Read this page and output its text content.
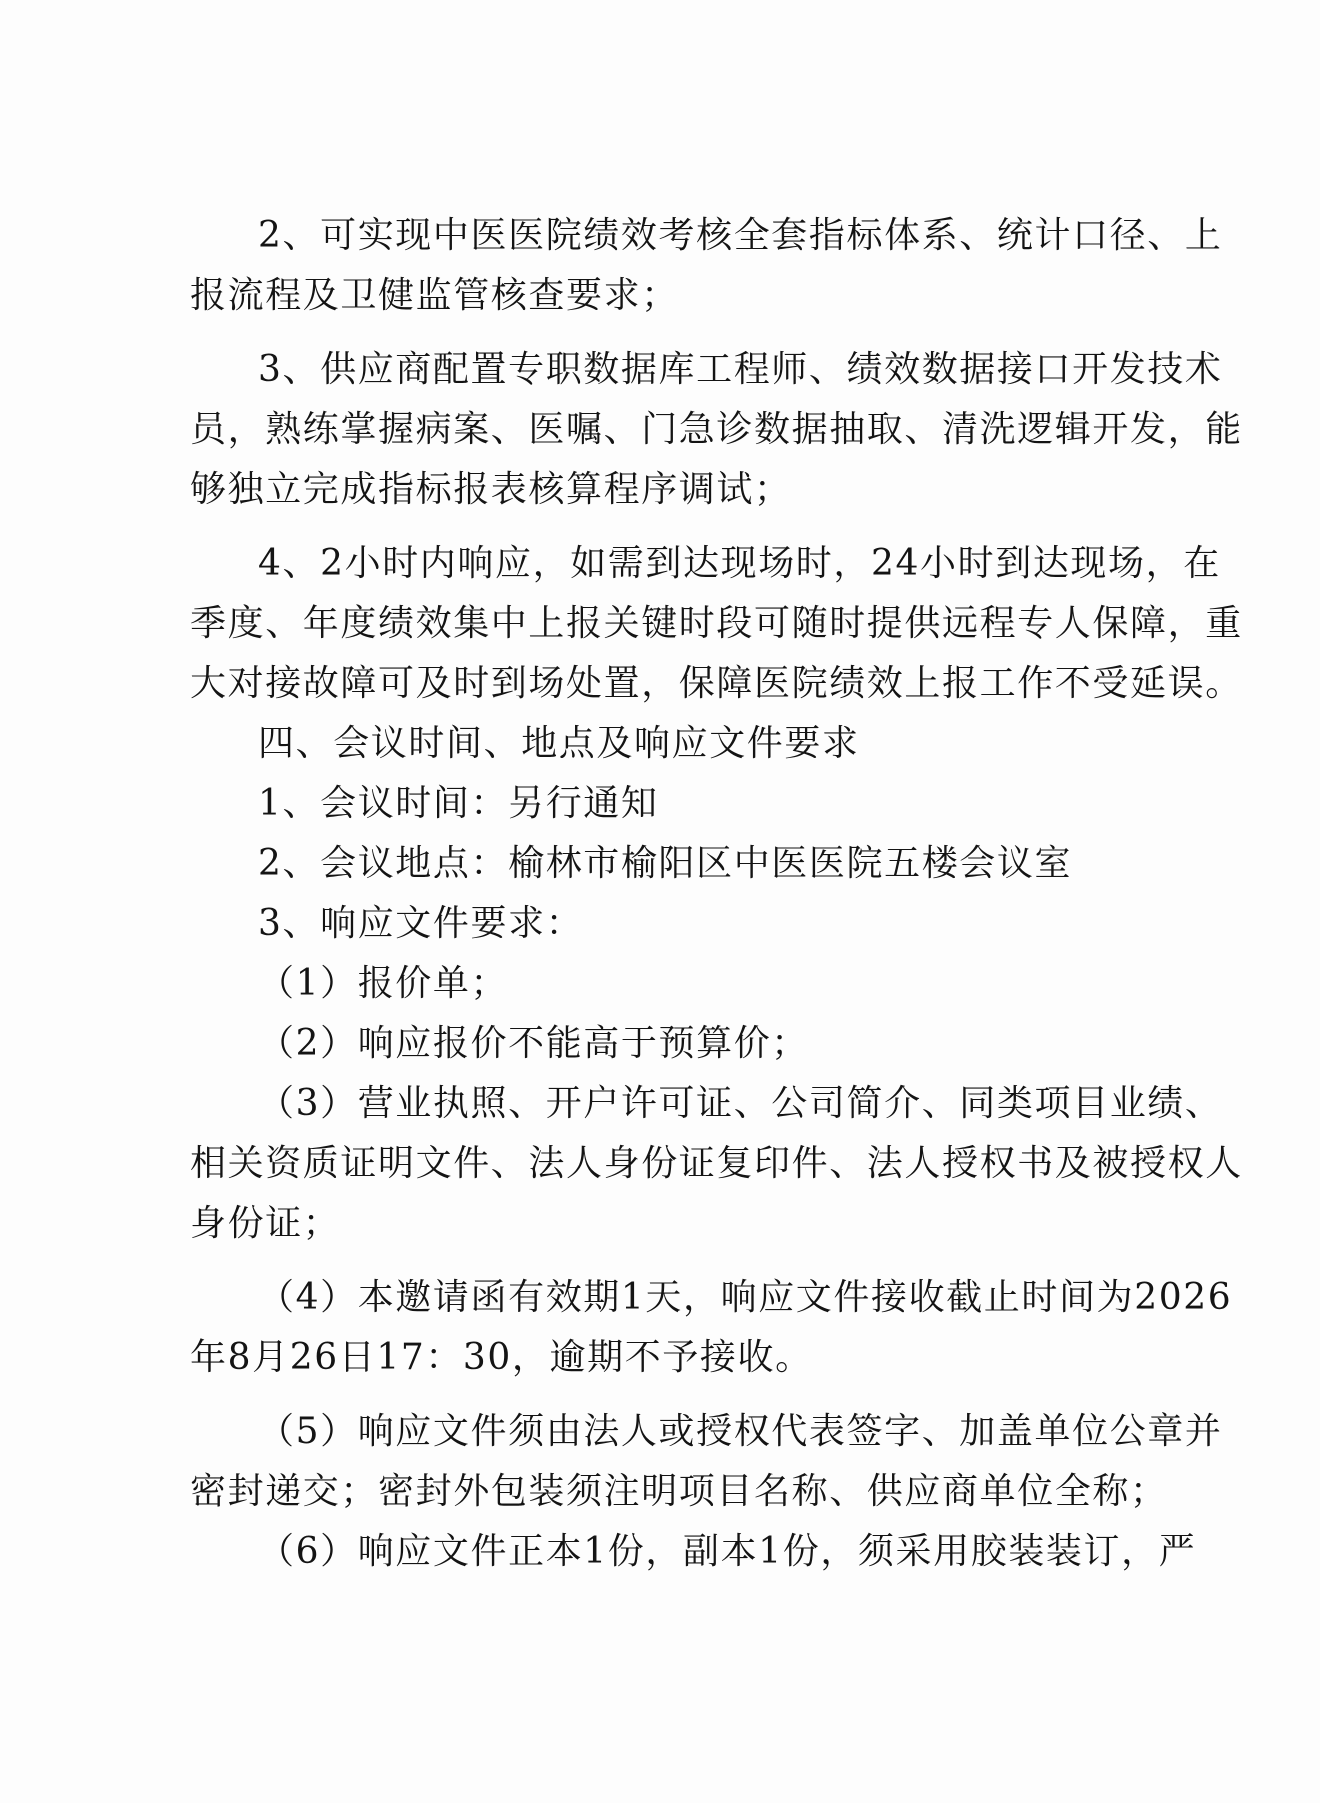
2、可实现中医医院绩效考核全套指标体系、统计口径、上
报流程及卫健监管核查要求；
3、供应商配置专职数据库工程师、绩效数据接口开发技术
员，熟练掌握病案、医嘱、门急诊数据抽取、清洗逻辑开发，能
够独立完成指标报表核算程序调试；
4、2小时内响应，如需到达现场时，24小时到达现场，在
季度、年度绩效集中上报关键时段可随时提供远程专人保障，重
大对接故障可及时到场处置，保障医院绩效上报工作不受延误。
四、会议时间、地点及响应文件要求
1、会议时间：另行通知
2、会议地点：榆林市榆阳区中医医院五楼会议室
3、响应文件要求：
（1）报价单；
（2）响应报价不能高于预算价；
（3）营业执照、开户许可证、公司简介、同类项目业绩、
相关资质证明文件、法人身份证复印件、法人授权书及被授权人
身份证；
（4）本邀请函有效期1天，响应文件接收截止时间为2026
年8月26日17：30，逾期不予接收。
（5）响应文件须由法人或授权代表签字、加盖单位公章并
密封递交；密封外包装须注明项目名称、供应商单位全称；
（6）响应文件正本1份，副本1份，须采用胶装装订，严
